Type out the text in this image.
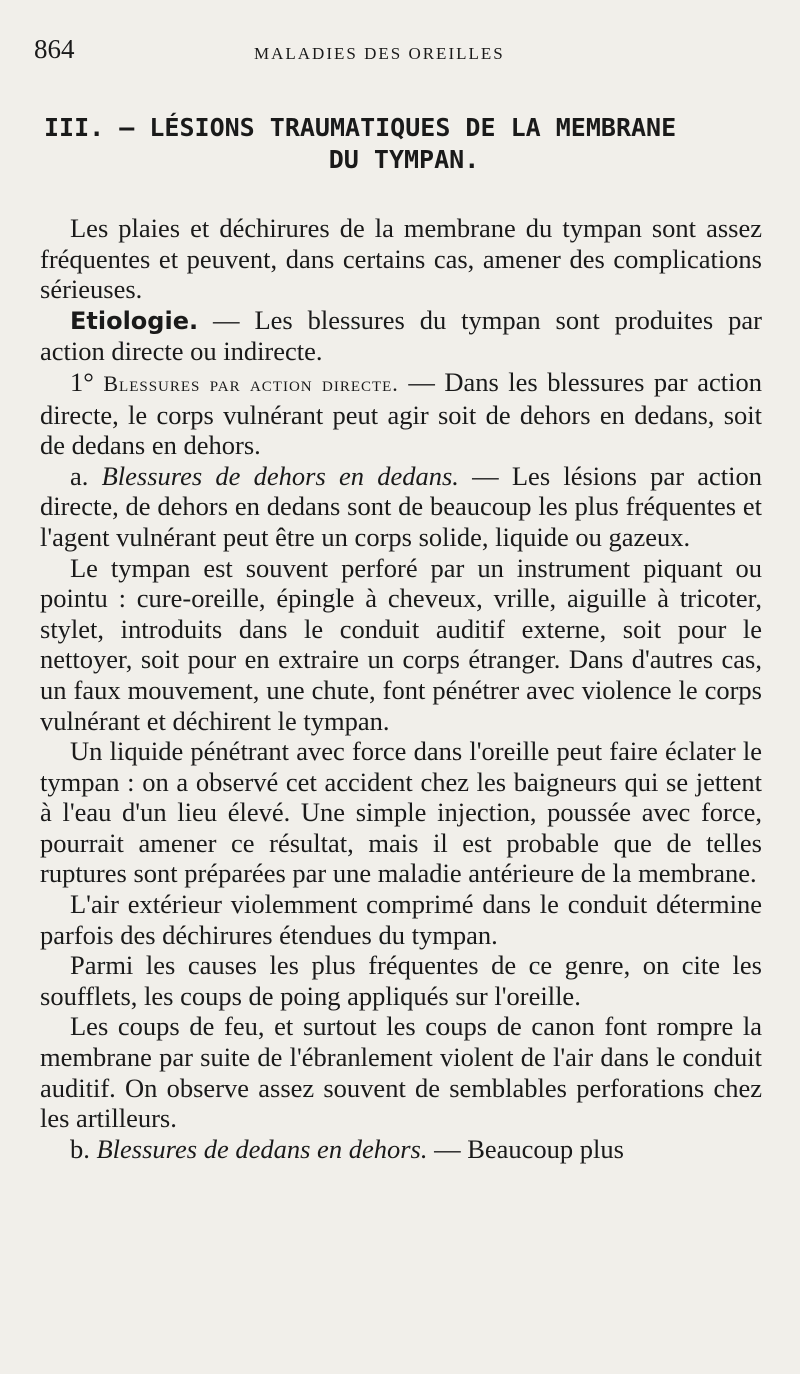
864	MALADIES DES OREILLES
III. — LÉSIONS TRAUMATIQUES DE LA MEMBRANE
DU TYMPAN.

Les plaies et déchirures de la membrane du tympan sont assez fréquentes et peuvent, dans certains cas, amener des complications sérieuses.

Etiologie. — Les blessures du tympan sont produites par action directe ou indirecte.

1° Blessures par action directe. — Dans les blessures par action directe, le corps vulnérant peut agir soit de dehors en dedans, soit de dedans en dehors.

a. Blessures de dehors en dedans. — Les lésions par action directe, de dehors en dedans sont de beaucoup les plus fréquentes et l'agent vulnérant peut être un corps solide, liquide ou gazeux.

Le tympan est souvent perforé par un instrument piquant ou pointu : cure-oreille, épingle à cheveux, vrille, aiguille à tricoter, stylet, introduits dans le conduit auditif externe, soit pour le nettoyer, soit pour en extraire un corps étranger. Dans d'autres cas, un faux mouvement, une chute, font pénétrer avec violence le corps vulnérant et déchirent le tympan.

Un liquide pénétrant avec force dans l'oreille peut faire éclater le tympan : on a observé cet accident chez les baigneurs qui se jettent à l'eau d'un lieu élevé. Une simple injection, poussée avec force, pourrait amener ce résultat, mais il est probable que de telles ruptures sont préparées par une maladie antérieure de la membrane.

L'air extérieur violemment comprimé dans le conduit détermine parfois des déchirures étendues du tympan.

Parmi les causes les plus fréquentes de ce genre, on cite les soufflets, les coups de poing appliqués sur l'oreille.

Les coups de feu, et surtout les coups de canon font rompre la membrane par suite de l'ébranlement violent de l'air dans le conduit auditif. On observe assez souvent de semblables perforations chez les artilleurs.

b. Blessures de dedans en dehors. — Beaucoup plus
